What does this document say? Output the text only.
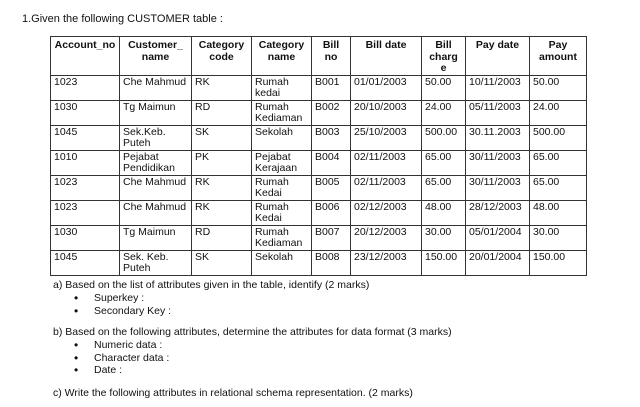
1.Given the following CUSTOMER table :
Account_no	Customer_ name	Category code	Category name	Bill no	Bill date	Bill charg e	Pay date	Pay amount
1023	Che Mahmud	RK	Rumah kedai	B001	01/01/2003	50.00	10/11/2003	50.00
1030	Tg Maimun	RD	Rumah Kediaman	B002	20/10/2003	24.00	05/11/2003	24.00
1045	Sek.Keb. Puteh	SK	Sekolah	B003	25/10/2003	500.00	30.11.2003	500.00
1010	Pejabat Pendidikan	PK	Pejabat Kerajaan	B004	02/11/2003	65.00	30/11/2003	65.00
1023	Che Mahmud	RK	Rumah Kedai	B005	02/11/2003	65.00	30/11/2003	65.00
1023	Che Mahmud	RK	Rumah Kedai	B006	02/12/2003	48.00	28/12/2003	48.00
1030	Tg Maimun	RD	Rumah Kediaman	B007	20/12/2003	30.00	05/01/2004	30.00
1045	Sek. Keb. Puteh	SK	Sekolah	B008	23/12/2003	150.00	20/01/2004	150.00
a) Based on the list of attributes given in the table, identify (2 marks)
• Superkey :
• Secondary Key :
b) Based on the following attributes, determine the attributes for data format (3 marks)
• Numeric data :
• Character data :
• Date :
c) Write the following attributes in relational schema representation. (2 marks)
